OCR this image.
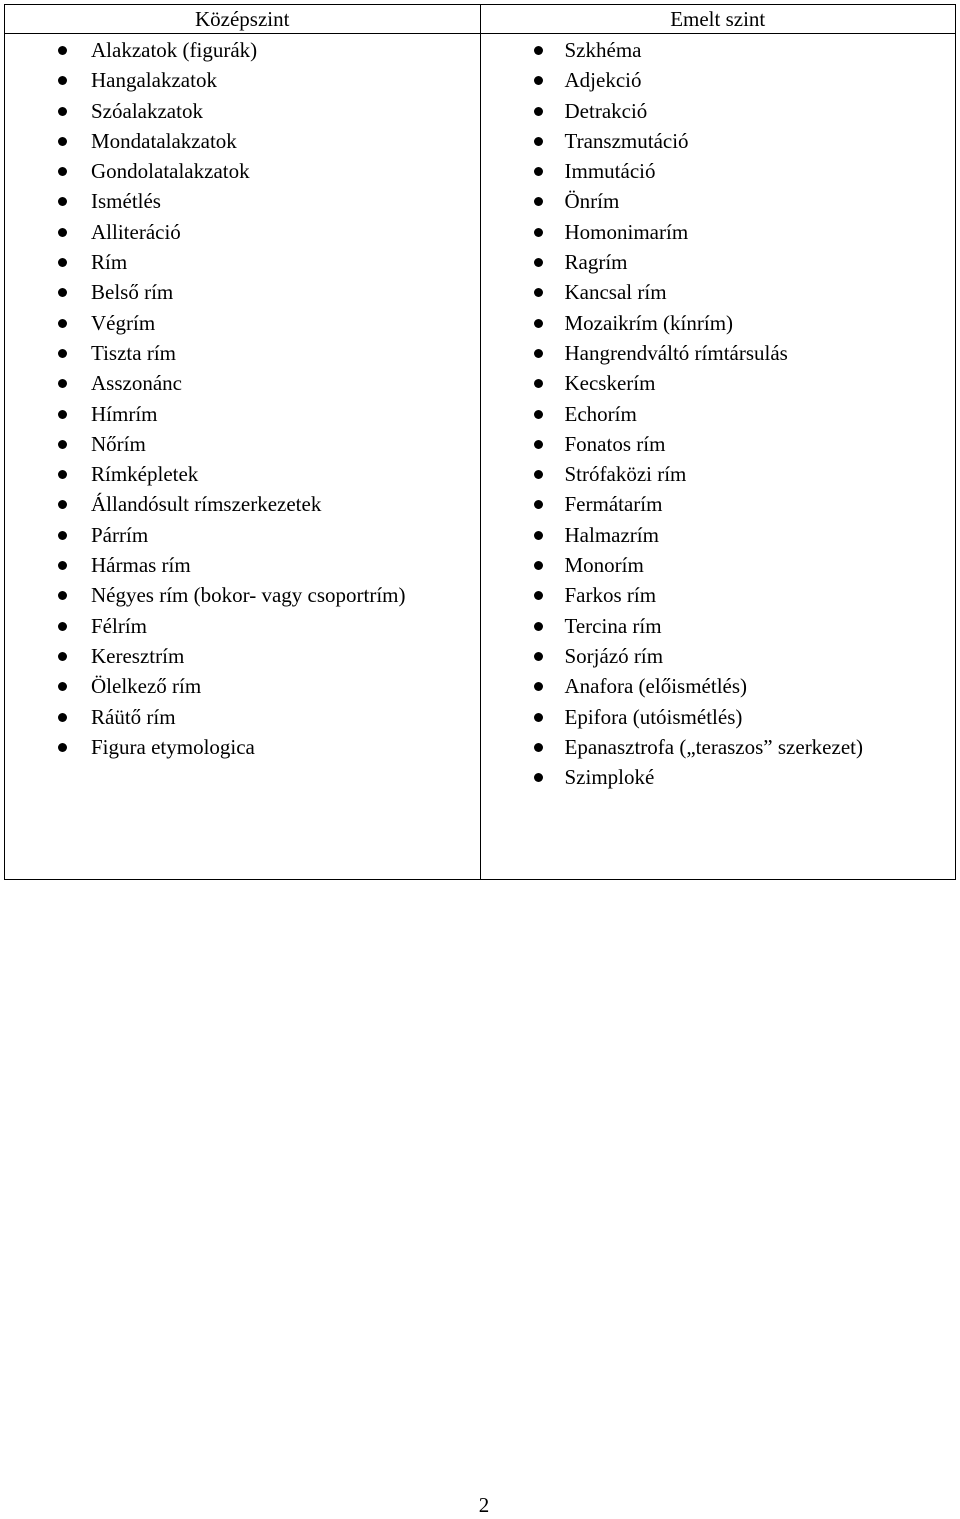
Középszint
Alakzatok (figurák)
Hangalakzatok
Szóalakzatok
Mondatalakzatok
Gondolatalakzatok
Ismétlés
Alliteráció
Rím
Belső rím
Végrím
Tiszta rím
Asszonánc
Hímrím
Nőrím
Rímképletek
Állandósult rímszerkezetek
Párrím
Hármas rím
Négyes rím (bokor- vagy csoportrím)
Félrím
Keresztrím
Ölelkező rím
Ráütő rím
Figura etymologica
Emelt szint
Szkhéma
Adjekció
Detrakció
Transzmutáció
Immutáció
Önrím
Homonimarím
Ragrím
Kancsal rím
Mozaikrím (kínrím)
Hangrendváltó rímtársulás
Kecskerím
Echorím
Fonatos rím
Strófaközi rím
Fermátarím
Halmazrím
Monorím
Farkos rím
Tercina rím
Sorjázó rím
Anafora (előismétlés)
Epifora (utóismétlés)
Epanasztrofa („teraszos” szerkezet)
Szimploké
2
